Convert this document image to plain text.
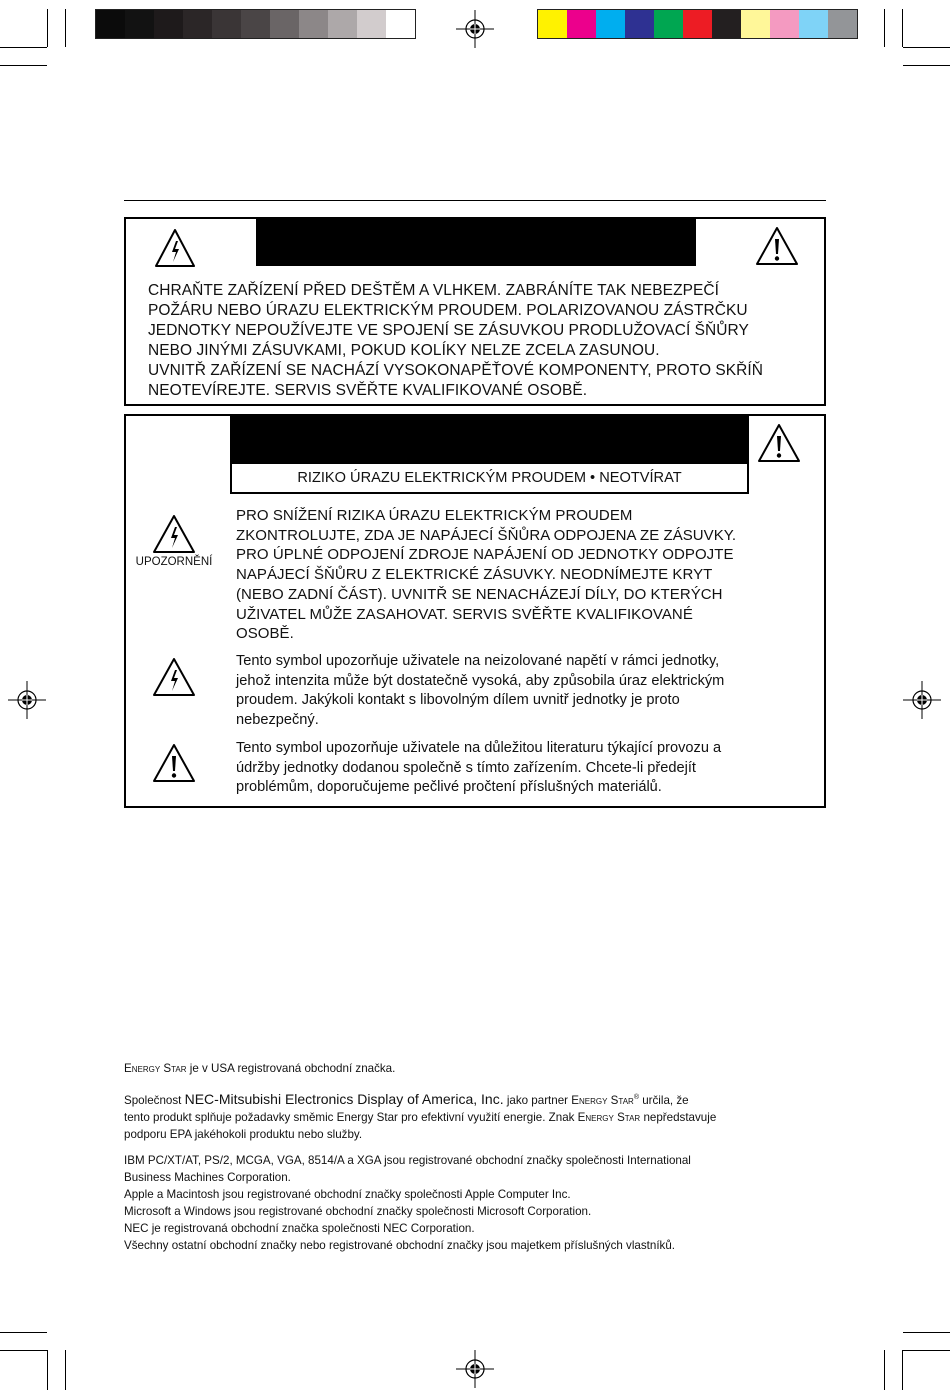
CHRAŇTE ZAŘÍZENÍ PŘED DEŠTĚM A VLHKEM. ZABRÁNÍTE TAK NEBEZPEČÍ

POŽÁRU NEBO ÚRAZU ELEKTRICKÝM PROUDEM. POLARIZOVANOU ZÁSTRČKU

JEDNOTKY NEPOUŽÍVEJTE VE SPOJENÍ SE ZÁSUVKOU PRODLUŽOVACÍ ŠŇŮRY

NEBO JINÝMI ZÁSUVKAMI, POKUD KOLÍKY NELZE ZCELA ZASUNOU.

UVNITŘ ZAŘÍZENÍ SE NACHÁZÍ VYSOKONAPĚŤOVÉ KOMPONENTY, PROTO SKŘÍŇ

NEOTEVÍREJTE. SERVIS SVĚŘTE KVALIFIKOVANÉ OSOBĚ.

RIZIKO ÚRAZU ELEKTRICKÝM PROUDEM • NEOTVÍRAT
UPOZORNĚNÍ

PRO SNÍŽENÍ RIZIKA ÚRAZU ELEKTRICKÝM PROUDEM

ZKONTROLUJTE, ZDA JE NAPÁJECÍ ŠŇŮRA ODPOJENA ZE ZÁSUVKY.

PRO ÚPLNÉ ODPOJENÍ ZDROJE NAPÁJENÍ OD JEDNOTKY ODPOJTE

NAPÁJECÍ ŠŇŮRU Z ELEKTRICKÉ ZÁSUVKY. NEODNÍMEJTE KRYT

(NEBO ZADNÍ ČÁST). UVNITŘ SE NENACHÁZEJÍ DÍLY, DO KTERÝCH

UŽIVATEL MŮŽE ZASAHOVAT. SERVIS SVĚŘTE KVALIFIKOVANÉ

OSOBĚ.

Tento symbol upozorňuje uživatele na neizolované napětí v rámci jednotky,

jehož intenzita může být dostatečně vysoká, aby způsobila úraz elektrickým

proudem. Jakýkoli kontakt s libovolným dílem uvnitř jednotky je proto

nebezpečný.

Tento symbol upozorňuje uživatele na důležitou literaturu týkající provozu a

údržby jednotky dodanou společně s tímto zařízením. Chcete-li předejít

problémům, doporučujeme pečlivé pročtení příslušných materiálů.

Energy Star je v USA registrovaná obchodní značka.

Společnost NEC-Mitsubishi Electronics Display of America, Inc. jako partner Energy Star® určila, že

tento produkt splňuje požadavky směmic Energy Star pro efektivní využití energie. Znak Energy Star nepředstavuje

podporu EPA jakéhokoli produktu nebo služby.

IBM PC/XT/AT, PS/2, MCGA, VGA, 8514/A a XGA jsou registrované obchodní značky společnosti International

Business Machines Corporation.

Apple a Macintosh jsou registrované obchodní značky společnosti Apple Computer Inc.

Microsoft a Windows jsou registrované obchodní značky společnosti Microsoft Corporation.

NEC je registrovaná obchodní značka společnosti NEC Corporation.

Všechny ostatní obchodní značky nebo registrované obchodní značky jsou majetkem příslušných vlastníků.
